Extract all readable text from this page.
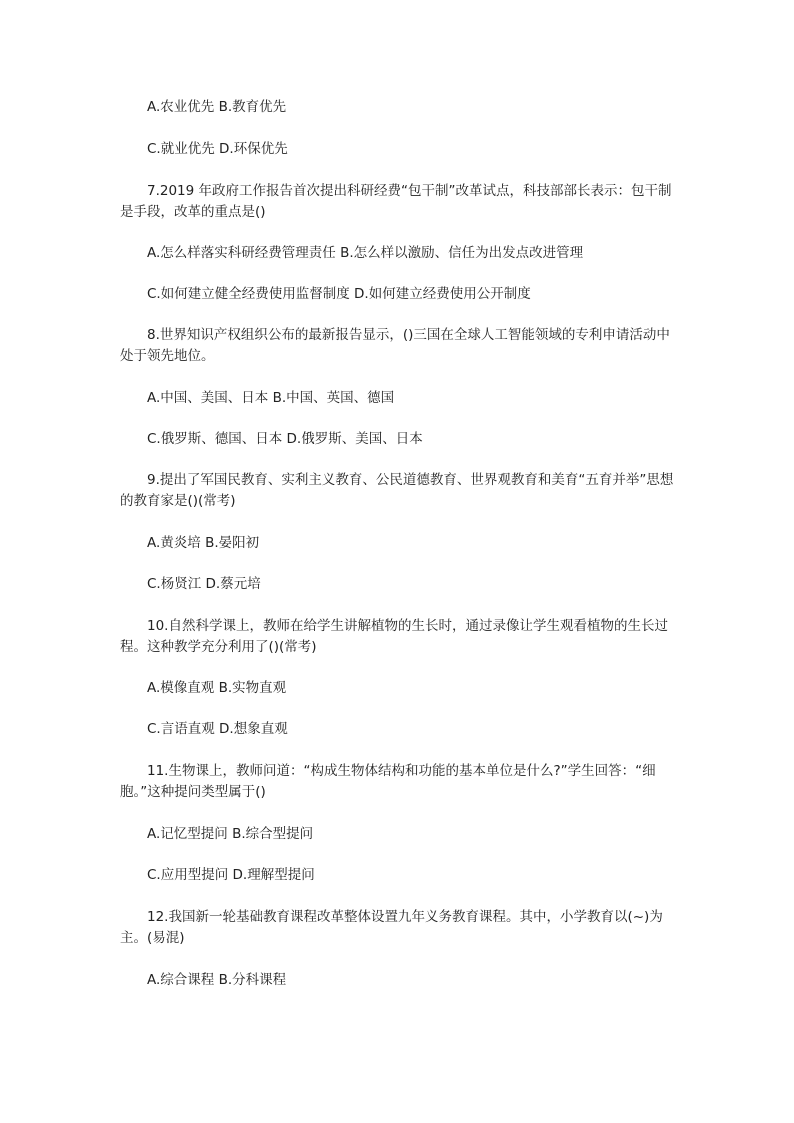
A.农业优先 B.教育优先
C.就业优先 D.环保优先
7.2019 年政府工作报告首次提出科研经费“包干制”改革试点，科技部部长表示：包干制是手段，改革的重点是()
A.怎么样落实科研经费管理责任 B.怎么样以激励、信任为出发点改进管理
C.如何建立健全经费使用监督制度 D.如何建立经费使用公开制度
8.世界知识产权组织公布的最新报告显示，()三国在全球人工智能领域的专利申请活动中处于领先地位。
A.中国、美国、日本 B.中国、英国、德国
C.俄罗斯、德国、日本 D.俄罗斯、美国、日本
9.提出了军国民教育、实利主义教育、公民道德教育、世界观教育和美育“五育并举”思想的教育家是()(常考)
A.黄炎培 B.晏阳初
C.杨贤江 D.蔡元培
10.自然科学课上，教师在给学生讲解植物的生长时，通过录像让学生观看植物的生长过程。这种教学充分利用了()(常考)
A.模像直观 B.实物直观
C.言语直观 D.想象直观
11.生物课上，教师问道：“构成生物体结构和功能的基本单位是什么?”学生回答：“细胞。”这种提问类型属于()
A.记忆型提问 B.综合型提问
C.应用型提问 D.理解型提问
12.我国新一轮基础教育课程改革整体设置九年义务教育课程。其中，小学教育以(~)为主。(易混)
A.综合课程 B.分科课程
